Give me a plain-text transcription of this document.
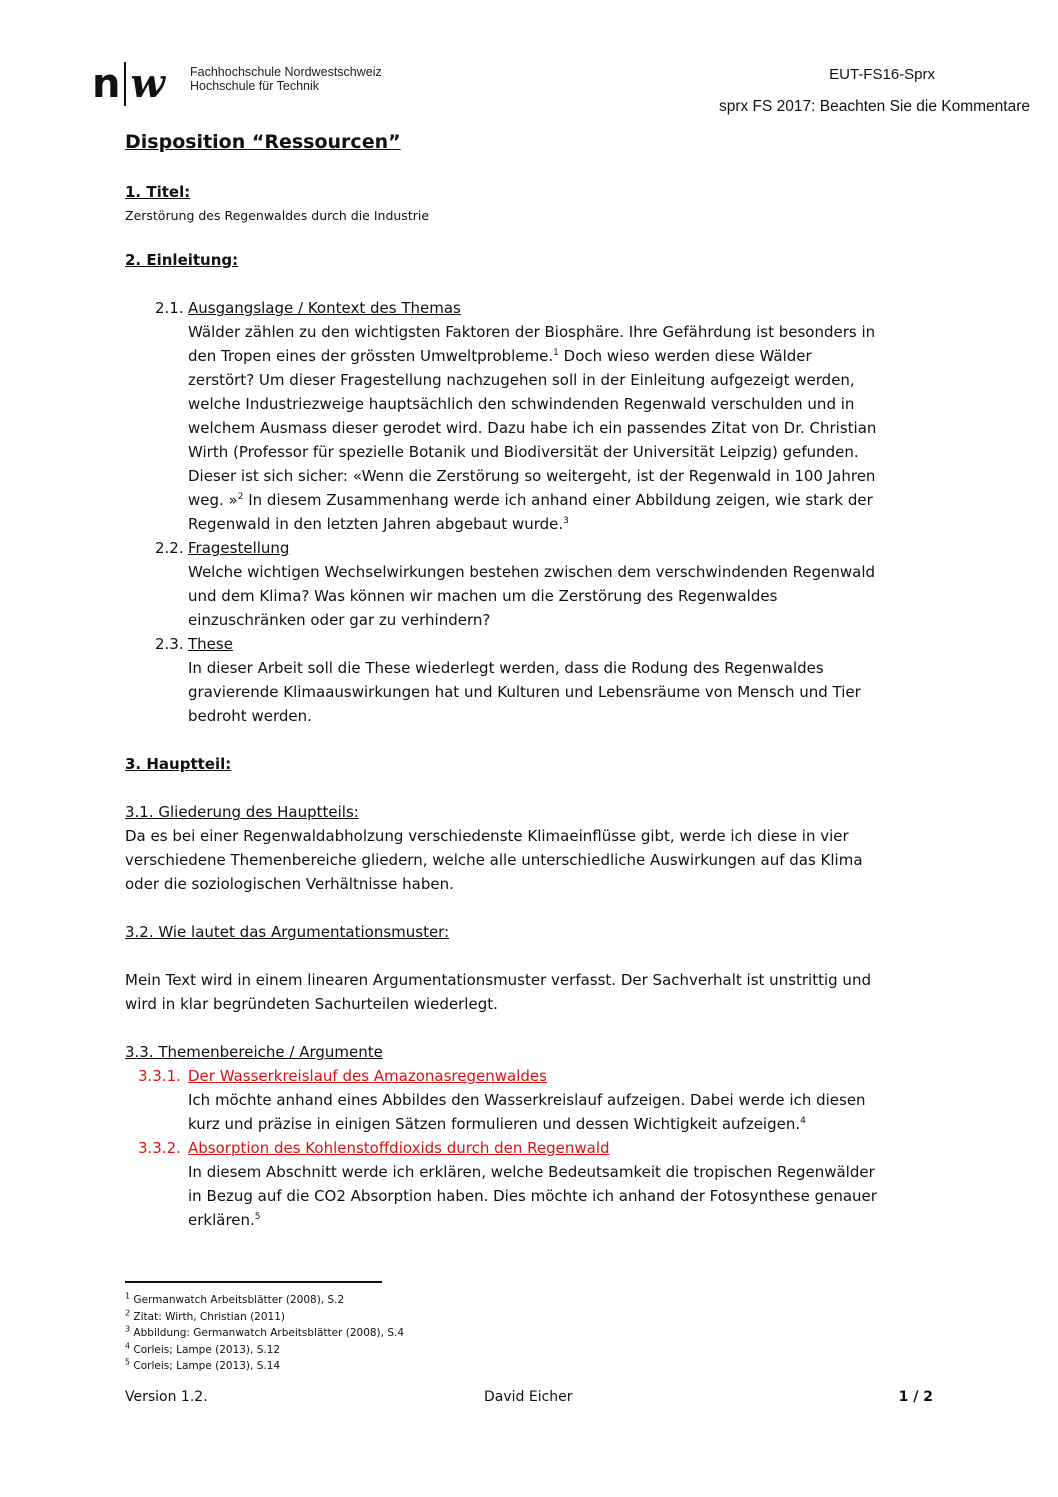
n w Fachhochschule Nordwestschweiz
Hochschule für Technik
EUT-FS16-Sprx
sprx FS 2017: Beachten Sie die Kommentare

Disposition “Ressourcen”

1. Titel:

Zerstörung des Regenwaldes durch die Industrie

2. Einleitung:

2.1. Ausgangslage / Kontext des Themas

Wälder zählen zu den wichtigsten Faktoren der Biosphäre. Ihre Gefährdung ist besonders in

den Tropen eines der grössten Umweltprobleme.$^1$ Doch wieso werden diese Wälder

zerstört? Um dieser Fragestellung nachzugehen soll in der Einleitung aufgezeigt werden,

welche Industriezweige hauptsächlich den schwindenden Regenwald verschulden und in

welchem Ausmass dieser gerodet wird. Dazu habe ich ein passendes Zitat von Dr. Christian

Wirth (Professor für spezielle Botanik und Biodiversität der Universität Leipzig) gefunden.

Dieser ist sich sicher: «Wenn die Zerstörung so weitergeht, ist der Regenwald in 100 Jahren

weg. »$^2$ In diesem Zusammenhang werde ich anhand einer Abbildung zeigen, wie stark der

Regenwald in den letzten Jahren abgebaut wurde.$^3$

2.2. Fragestellung

Welche wichtigen Wechselwirkungen bestehen zwischen dem verschwindenden Regenwald

und dem Klima? Was können wir machen um die Zerstörung des Regenwaldes

einzuschränken oder gar zu verhindern?

2.3. These

In dieser Arbeit soll die These wiederlegt werden, dass die Rodung des Regenwaldes

gravierende Klimaauswirkungen hat und Kulturen und Lebensräume von Mensch und Tier

bedroht werden.

3. Hauptteil:

3.1. Gliederung des Hauptteils:

Da es bei einer Regenwaldabholzung verschiedenste Klimaeinflüsse gibt, werde ich diese in vier

verschiedene Themenbereiche gliedern, welche alle unterschiedliche Auswirkungen auf das Klima

oder die soziologischen Verhältnisse haben.

3.2. Wie lautet das Argumentationsmuster:

Mein Text wird in einem linearen Argumentationsmuster verfasst. Der Sachverhalt ist unstrittig und

wird in klar begründeten Sachurteilen wiederlegt.

3.3. Themenbereiche / Argumente

3.3.1. Der Wasserkreislauf des Amazonasregenwaldes

Ich möchte anhand eines Abbildes den Wasserkreislauf aufzeigen. Dabei werde ich diesen

kurz und präzise in einigen Sätzen formulieren und dessen Wichtigkeit aufzeigen.$^4$

3.3.2. Absorption des Kohlenstoffdioxids durch den Regenwald

In diesem Abschnitt werde ich erklären, welche Bedeutsamkeit die tropischen Regenwälder

in Bezug auf die CO2 Absorption haben. Dies möchte ich anhand der Fotosynthese genauer

erklären.$^5$

$^1$ Germanwatch Arbeitsblätter (2008), S.2
$^2$ Zitat: Wirth, Christian (2011)
$^3$ Abbildung: Germanwatch Arbeitsblätter (2008), S.4
$^4$ Corleis; Lampe (2013), S.12
$^5$ Corleis; Lampe (2013), S.14
Version 1.2.	David Eicher	1 / 2
